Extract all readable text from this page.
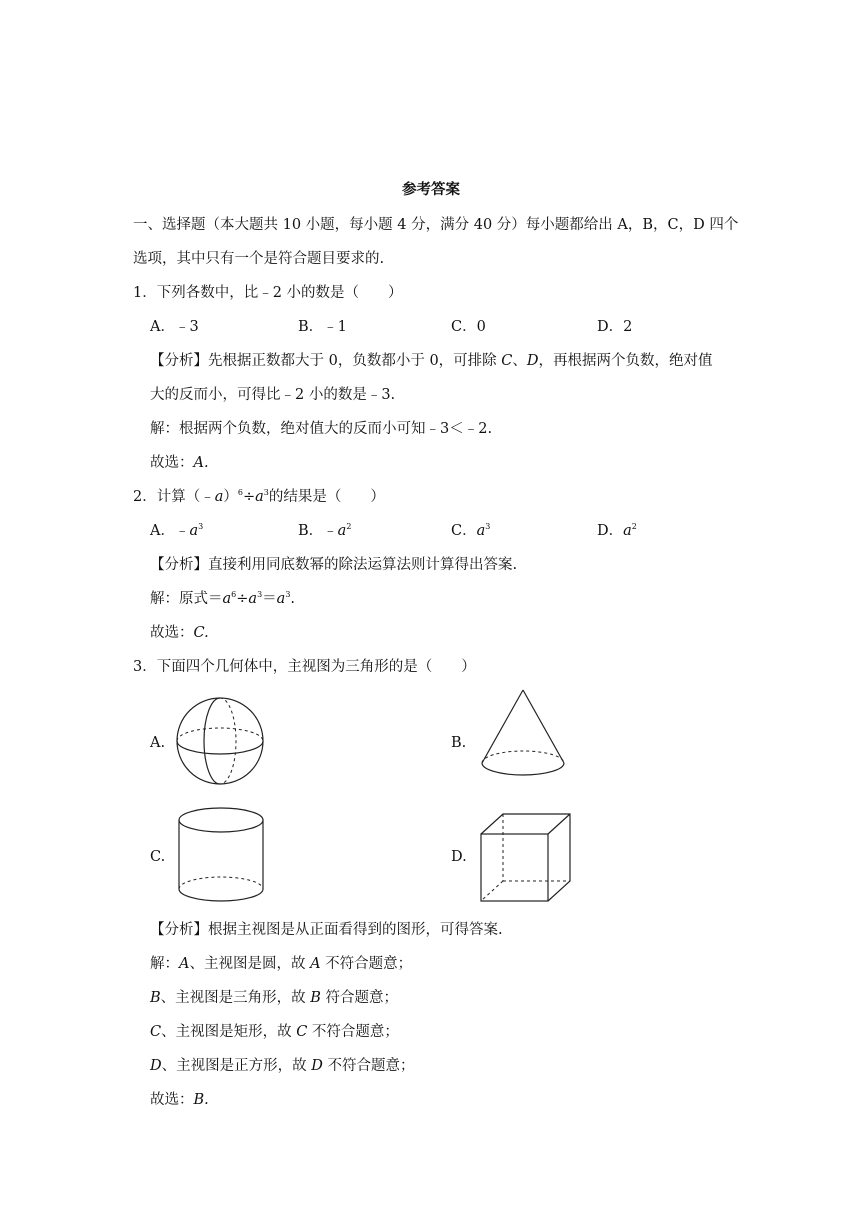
参考答案
一、选择题（本大题共 10 小题，每小题 4 分，满分 40 分）每小题都给出 A，B，C，D 四个
选项，其中只有一个是符合题目要求的.
1．下列各数中，比﹣2 小的数是（　　）
A．﹣3	B．﹣1	C．0	D．2
【分析】先根据正数都大于 0，负数都小于 0，可排除 C、D，再根据两个负数，绝对值
大的反而小，可得比﹣2 小的数是﹣3.
解：根据两个负数，绝对值大的反而小可知﹣3＜﹣2.
故选：A.
2．计算$(﹣a)^6\div a^3$的结果是（　　）
A．$﹣a^3$	B．$﹣a^2$	C．$a^3$	D．$a^2$
【分析】直接利用同底数幂的除法运算法则计算得出答案.
解：原式$=a^6\div a^3=a^3$.
故选：C.
3．下面四个几何体中，主视图为三角形的是（　　）
A.	B.
C.	D.
【分析】根据主视图是从正面看得到的图形，可得答案.
解：A、主视图是圆，故 A 不符合题意；
B、主视图是三角形，故 B 符合题意；
C、主视图是矩形，故 C 不符合题意；
D、主视图是正方形，故 D 不符合题意；
故选：B.
